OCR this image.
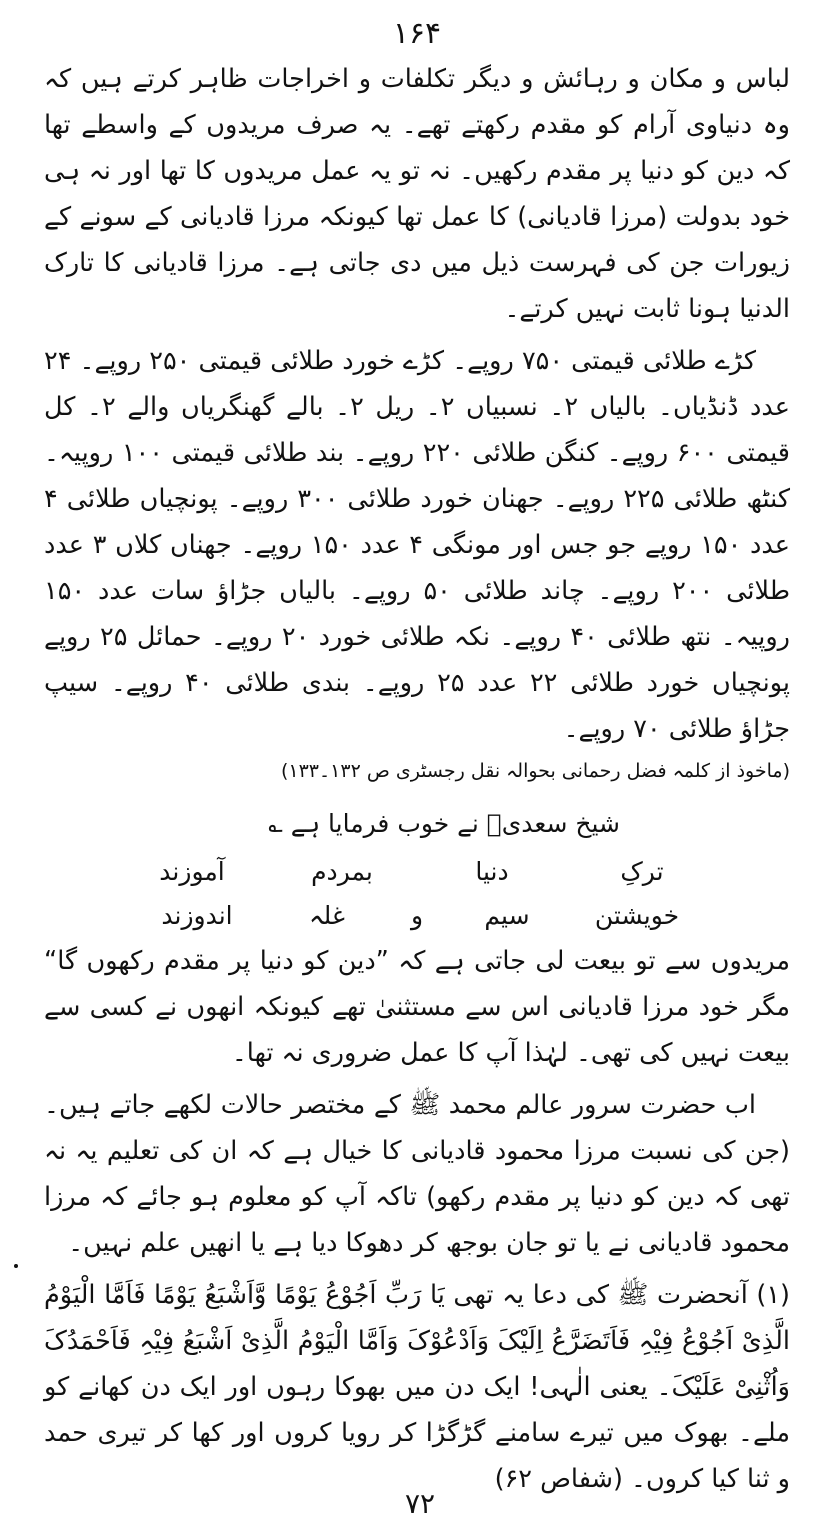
۱۶۴

لباس و مکان و رہائش و دیگر تکلفات و اخراجات ظاہر کرتے ہیں کہ وہ دنیاوی آرام کو مقدم رکھتے تھے۔ یہ صرف مریدوں کے واسطے تھا کہ دین کو دنیا پر مقدم رکھیں۔ نہ تو یہ عمل مریدوں کا تھا اور نہ ہی خود بدولت (مرزا قادیانی) کا عمل تھا کیونکہ مرزا قادیانی کے سونے کے زیورات جن کی فہرست ذیل میں دی جاتی ہے۔ مرزا قادیانی کا تارک الدنیا ہونا ثابت نہیں کرتے۔

کڑے طلائی قیمتی ۷۵۰ روپے۔ کڑے خورد طلائی قیمتی ۲۵۰ روپے۔ ۲۴ عدد ڈنڈیاں۔ بالیاں ۲۔ نسبیاں ۲۔ ریل ۲۔ بالے گھنگریاں والے ۲۔ کل قیمتی ۶۰۰ روپے۔ کنگن طلائی ۲۲۰ روپے۔ بند طلائی قیمتی ۱۰۰ روپیہ۔ کنٹھ طلائی ۲۲۵ روپے۔ جھنان خورد طلائی ۳۰۰ روپے۔ پونچیاں طلائی ۴ عدد ۱۵۰ روپے جو جس اور مونگی ۴ عدد ۱۵۰ روپے۔ جھناں کلاں ۳ عدد طلائی ۲۰۰ روپے۔ چاند طلائی ۵۰ روپے۔ بالیاں جڑاؤ سات عدد ۱۵۰ روپیہ۔ نتھ طلائی ۴۰ روپے۔ نکہ طلائی خورد ۲۰ روپے۔ حمائل ۲۵ روپے پونچیاں خورد طلائی ۲۲ عدد ۲۵ روپے۔ بندی طلائی ۴۰ روپے۔ سیپ جڑاؤ طلائی ۷۰ روپے۔

(ماخوذ از کلمہ فضل رحمانی بحوالہ نقل رجسٹری ص ۱۳۲۔۱۳۳)

شیخ سعدیؒ نے خوب فرمایا ہے ؎

ترکِ
دنیا
بمردم
آموزند
خویشتن
سیم
و
غلہ
اندوزند

مریدوں سے تو بیعت لی جاتی ہے کہ ”دین کو دنیا پر مقدم رکھوں گا“ مگر خود مرزا قادیانی اس سے مستثنیٰ تھے کیونکہ انھوں نے کسی سے بیعت نہیں کی تھی۔ لہٰذا آپ کا عمل ضروری نہ تھا۔

اب حضرت سرور عالم محمد ﷺ کے مختصر حالات لکھے جاتے ہیں۔ (جن کی نسبت مرزا محمود قادیانی کا خیال ہے کہ ان کی تعلیم یہ نہ تھی کہ دین کو دنیا پر مقدم رکھو) تاکہ آپ کو معلوم ہو جائے کہ مرزا محمود قادیانی نے یا تو جان بوجھ کر دھوکا دیا ہے یا انھیں علم نہیں۔

(۱) آنحضرت ﷺ کی دعا یہ تھی یَا رَبِّ اَجُوْعُ یَوْمًا وَّاَشْبَعُ یَوْمًا فَاَمَّا الْیَوْمُ الَّذِیْ اَجُوْعُ فِیْہِ فَاَتَضَرَّعُ اِلَیْکَ وَاَدْعُوْکَ وَاَمَّا الْیَوْمُ الَّذِیْ اَشْبَعُ فِیْہِ فَاَحْمَدُکَ وَاُثْنِیْ عَلَیْکَ۔ یعنی الٰہی! ایک دن میں بھوکا رہوں اور ایک دن کھانے کو ملے۔ بھوک میں تیرے سامنے گڑگڑا کر رویا کروں اور کھا کر تیری حمد و ثنا کیا کروں۔ (شفاص ۶۲)

۷۲
